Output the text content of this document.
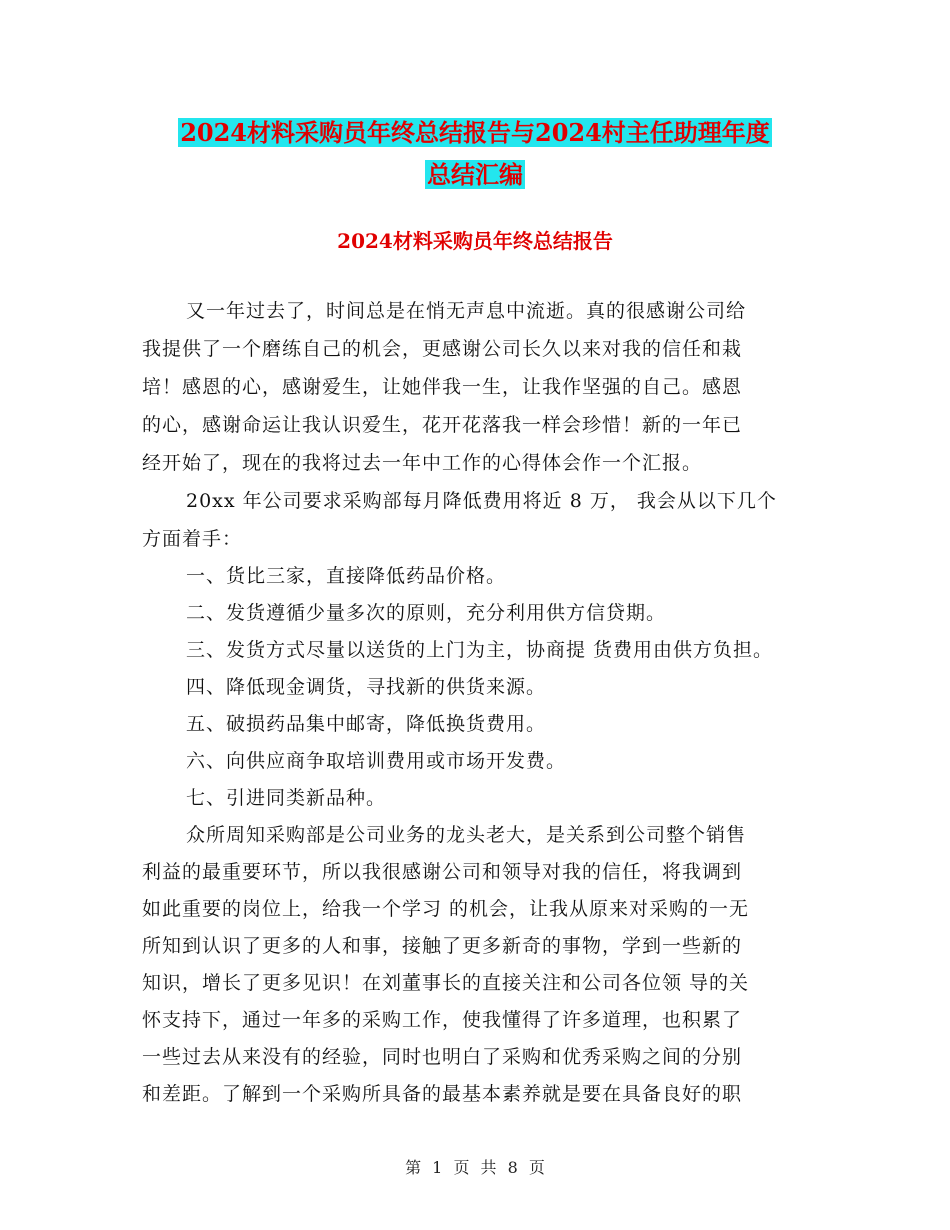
2024材料采购员年终总结报告与2024村主任助理年度
总结汇编
2024材料采购员年终总结报告
又一年过去了，时间总是在悄无声息中流逝。真的很感谢公司给
我提供了一个磨练自己的机会，更感谢公司长久以来对我的信任和栽
培！感恩的心，感谢爱生，让她伴我一生，让我作坚强的自己。感恩
的心，感谢命运让我认识爱生，花开花落我一样会珍惜！新的一年已
经开始了，现在的我将过去一年中工作的心得体会作一个汇报。
20xx 年公司要求采购部每月降低费用将近 8 万， 我会从以下几个
方面着手：
一、货比三家，直接降低药品价格。
二、发货遵循少量多次的原则，充分利用供方信贷期。
三、发货方式尽量以送货的上门为主，协商提 货费用由供方负担。
四、降低现金调货，寻找新的供货来源。
五、破损药品集中邮寄，降低换货费用。
六、向供应商争取培训费用或市场开发费。
七、引进同类新品种。
众所周知采购部是公司业务的龙头老大，是关系到公司整个销售
利益的最重要环节，所以我很感谢公司和领导对我的信任，将我调到
如此重要的岗位上，给我一个学习 的机会，让我从原来对采购的一无
所知到认识了更多的人和事，接触了更多新奇的事物，学到一些新的
知识，增长了更多见识！在刘董事长的直接关注和公司各位领 导的关
怀支持下，通过一年多的采购工作，使我懂得了许多道理，也积累了
一些过去从来没有的经验，同时也明白了采购和优秀采购之间的分别
和差距。了解到一个采购所具备的最基本素养就是要在具备良好的职
第 1 页 共 8 页
